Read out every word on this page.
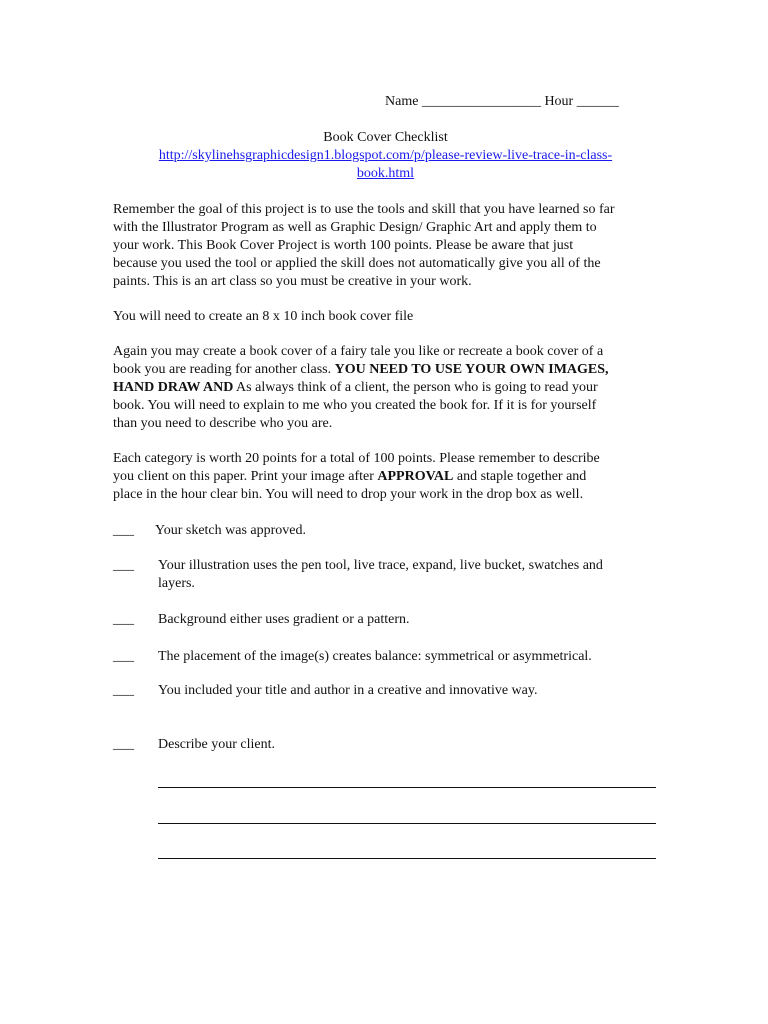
Name _________________ Hour ______
Book Cover Checklist
http://skylinehsgraphicdesign1.blogspot.com/p/please-review-live-trace-in-class-
book.html

Remember the goal of this project is to use the tools and skill that you have learned so far

with the Illustrator Program as well as Graphic Design/ Graphic Art and apply them to

your work. This Book Cover Project is worth 100 points. Please be aware that just

because you used the tool or applied the skill does not automatically give you all of the

paints. This is an art class so you must be creative in your work.

You will need to create an 8 x 10 inch book cover file

Again you may create a book cover of a fairy tale you like or recreate a book cover of a

book you are reading for another class. YOU NEED TO USE YOUR OWN IMAGES,

HAND DRAW AND As always think of a client, the person who is going to read your

book. You will need to explain to me who you created the book for. If it is for yourself

than you need to describe who you are.

Each category is worth 20 points for a total of 100 points. Please remember to describe

you client on this paper. Print your image after APPROVAL and staple together and

place in the hour clear bin. You will need to drop your work in the drop box as well.

___ Your sketch was approved.
___ Your illustration uses the pen tool, live trace, expand, live bucket, swatches and
layers.
___ Background either uses gradient or a pattern.
___ The placement of the image(s) creates balance: symmetrical or asymmetrical.
___ You included your title and author in a creative and innovative way.
___ Describe your client.
